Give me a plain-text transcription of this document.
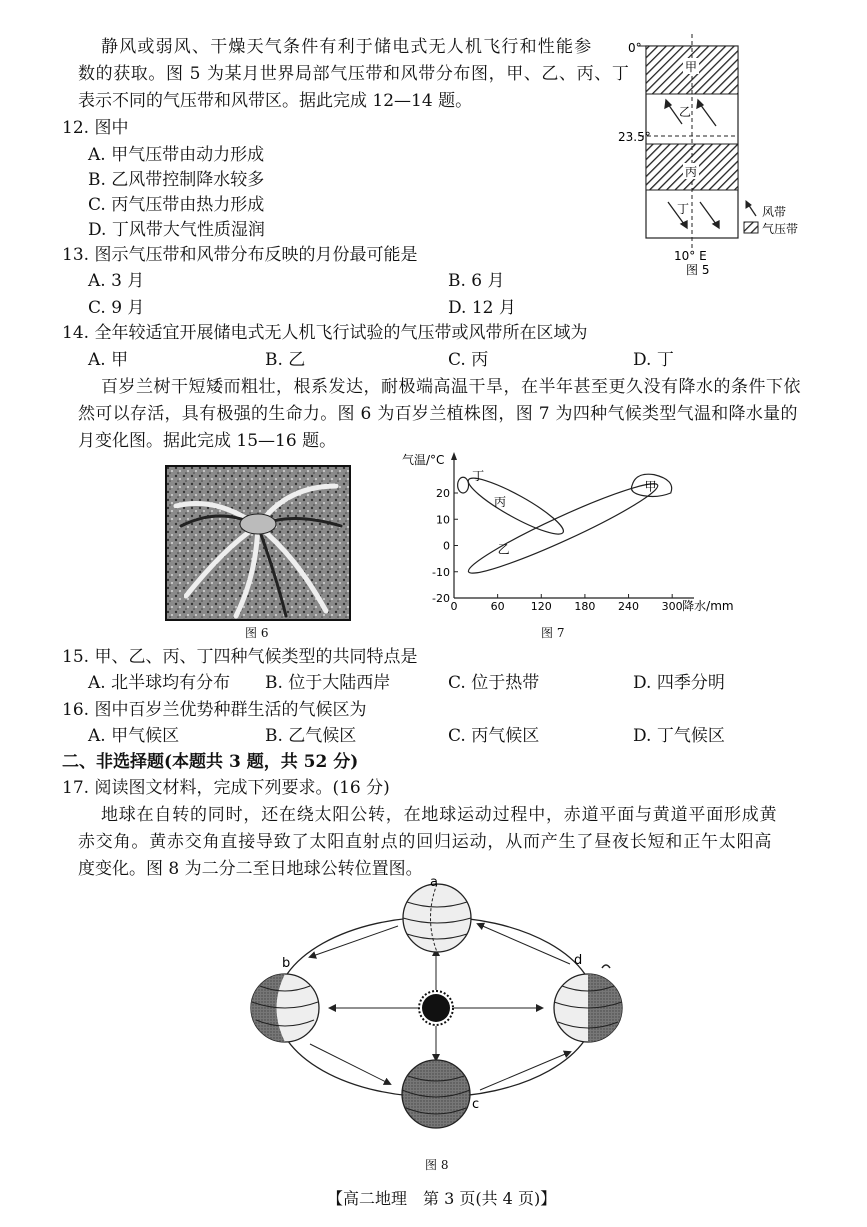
静风或弱风、干燥天气条件有利于储电式无人机飞行和性能参
数的获取。图 5 为某月世界局部气压带和风带分布图，甲、乙、丙、丁
表示不同的气压带和风带区。据此完成 12—14 题。
12. 图中
A. 甲气压带由动力形成
B. 乙风带控制降水较多
C. 丙气压带由热力形成
D. 丁风带大气性质湿润
13. 图示气压带和风带分布反映的月份最可能是
A. 3 月	B. 6 月
C. 9 月	D. 12 月
14. 全年较适宜开展储电式无人机飞行试验的气压带或风带所在区域为
A. 甲	B. 乙	C. 丙	D. 丁
甲
乙
丙
丁
0°
23.5°
10° E
图 5
风带
气压带
百岁兰树干短矮而粗壮，根系发达，耐极端高温干旱，在半年甚至更久没有降水的条件下依
然可以存活，具有极强的生命力。图 6 为百岁兰植株图，图 7 为四种气候类型气温和降水量的
月变化图。据此完成 15—16 题。
图 6
20
10
0
-10
-20
0	60 120 180 240 300
气温/°C
降水/mm
乙
丙
丁
甲
图 7
15. 甲、乙、丙、丁四种气候类型的共同特点是
A. 北半球均有分布 B. 位于大陆西岸	C. 位于热带	D. 四季分明
16. 图中百岁兰优势种群生活的气候区为
A. 甲气候区	B. 乙气候区	C. 丙气候区	D. 丁气候区
二、非选择题(本题共 3 题，共 52 分)
17. 阅读图文材料，完成下列要求。(16 分)
地球在自转的同时，还在绕太阳公转，在地球运动过程中，赤道平面与黄道平面形成黄
赤交角。黄赤交角直接导致了太阳直射点的回归运动，从而产生了昼夜长短和正午太阳高
度变化。图 8 为二分二至日地球公转位置图。
a
b
c
d
图 8
【高二地理　第 3 页(共 4 页)】
